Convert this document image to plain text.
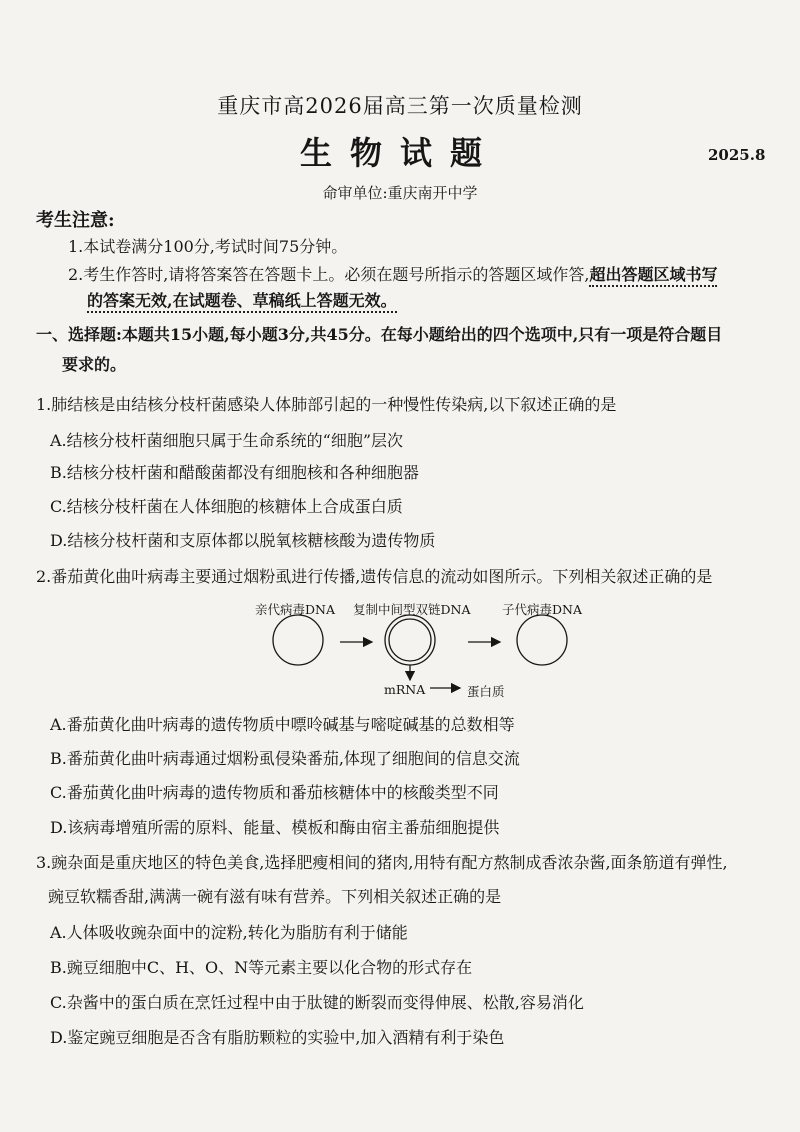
重庆市高2026届高三第一次质量检测
生物试题	2025.8
命审单位:重庆南开中学
考生注意:
1.本试卷满分100分,考试时间75分钟。
2.考生作答时,请将答案答在答题卡上。必须在题号所指示的答题区域作答,超出答题区域书写
的答案无效,在试题卷、草稿纸上答题无效。
一、选择题:本题共15小题,每小题3分,共45分。在每小题给出的四个选项中,只有一项是符合题目
要求的。
1.肺结核是由结核分枝杆菌感染人体肺部引起的一种慢性传染病,以下叙述正确的是
A.结核分枝杆菌细胞只属于生命系统的“细胞”层次
B.结核分枝杆菌和醋酸菌都没有细胞核和各种细胞器
C.结核分枝杆菌在人体细胞的核糖体上合成蛋白质
D.结核分枝杆菌和支原体都以脱氧核糖核酸为遗传物质
2.番茄黄化曲叶病毒主要通过烟粉虱进行传播,遗传信息的流动如图所示。下列相关叙述正确的是
亲代病毒DNA 复制中间型双链DNA	子代病毒DNA
mRNA	蛋白质
A.番茄黄化曲叶病毒的遗传物质中嘌呤碱基与嘧啶碱基的总数相等
B.番茄黄化曲叶病毒通过烟粉虱侵染番茄,体现了细胞间的信息交流
C.番茄黄化曲叶病毒的遗传物质和番茄核糖体中的核酸类型不同
D.该病毒增殖所需的原料、能量、模板和酶由宿主番茄细胞提供
3.豌杂面是重庆地区的特色美食,选择肥瘦相间的猪肉,用特有配方熬制成香浓杂酱,面条筋道有弹性,
豌豆软糯香甜,满满一碗有滋有味有营养。下列相关叙述正确的是
A.人体吸收豌杂面中的淀粉,转化为脂肪有利于储能
B.豌豆细胞中C、H、O、N等元素主要以化合物的形式存在
C.杂酱中的蛋白质在烹饪过程中由于肽键的断裂而变得伸展、松散,容易消化
D.鉴定豌豆细胞是否含有脂肪颗粒的实验中,加入酒精有利于染色
